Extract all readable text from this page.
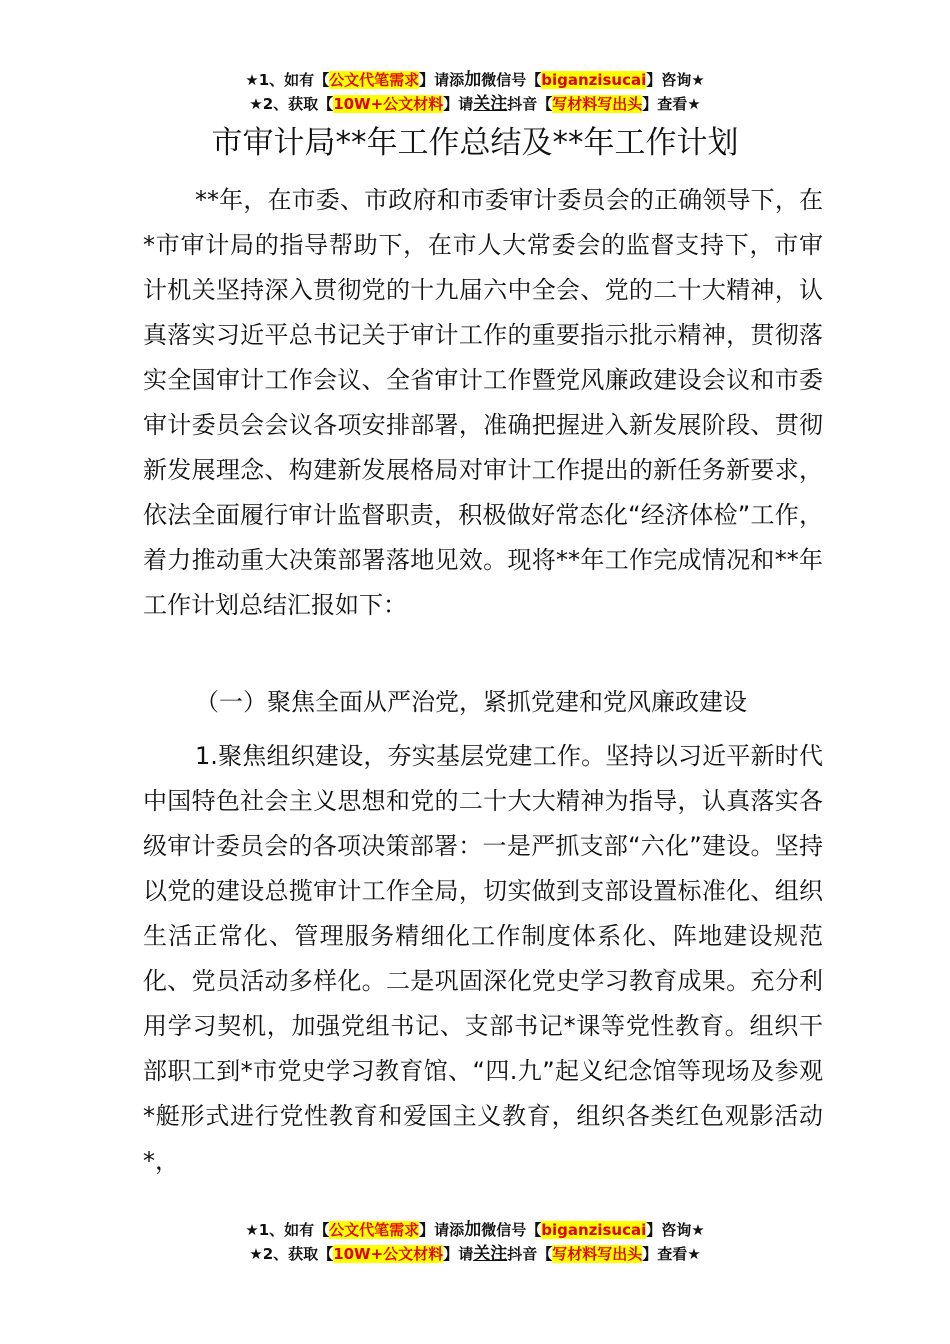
★1、如有【公文代笔需求】请添加微信号【biganzisucai】咨询★
★2、获取【10W+公文材料】请关注抖音【写材料写出头】查看★
市审计局**年工作总结及**年工作计划

**年，在市委、市政府和市委审计委员会的正确领导下，在*市审计局的指导帮助下，在市人大常委会的监督支持下，市审计机关坚持深入贯彻党的十九届六中全会、党的二十大精神，认真落实习近平总书记关于审计工作的重要指示批示精神，贯彻落实全国审计工作会议、全省审计工作暨党风廉政建设会议和市委审计委员会会议各项安排部署，准确把握进入新发展阶段、贯彻新发展理念、构建新发展格局对审计工作提出的新任务新要求，依法全面履行审计监督职责，积极做好常态化“经济体检”工作，着力推动重大决策部署落地见效。现将**年工作完成情况和**年工作计划总结汇报如下：

（一）聚焦全面从严治党，紧抓党建和党风廉政建设

1.聚焦组织建设，夯实基层党建工作。坚持以习近平新时代中国特色社会主义思想和党的二十大大精神为指导，认真落实各级审计委员会的各项决策部署：一是严抓支部“六化”建设。坚持以党的建设总揽审计工作全局，切实做到支部设置标准化、组织生活正常化、管理服务精细化工作制度体系化、阵地建设规范化、党员活动多样化。二是巩固深化党史学习教育成果。充分利用学习契机，加强党组书记、支部书记*课等党性教育。组织干部职工到*市党史学习教育馆、“四.九”起义纪念馆等现场及参观*艇形式进行党性教育和爱国主义教育，组织各类红色观影活动*，

★1、如有【公文代笔需求】请添加微信号【biganzisucai】咨询★
★2、获取【10W+公文材料】请关注抖音【写材料写出头】查看★
